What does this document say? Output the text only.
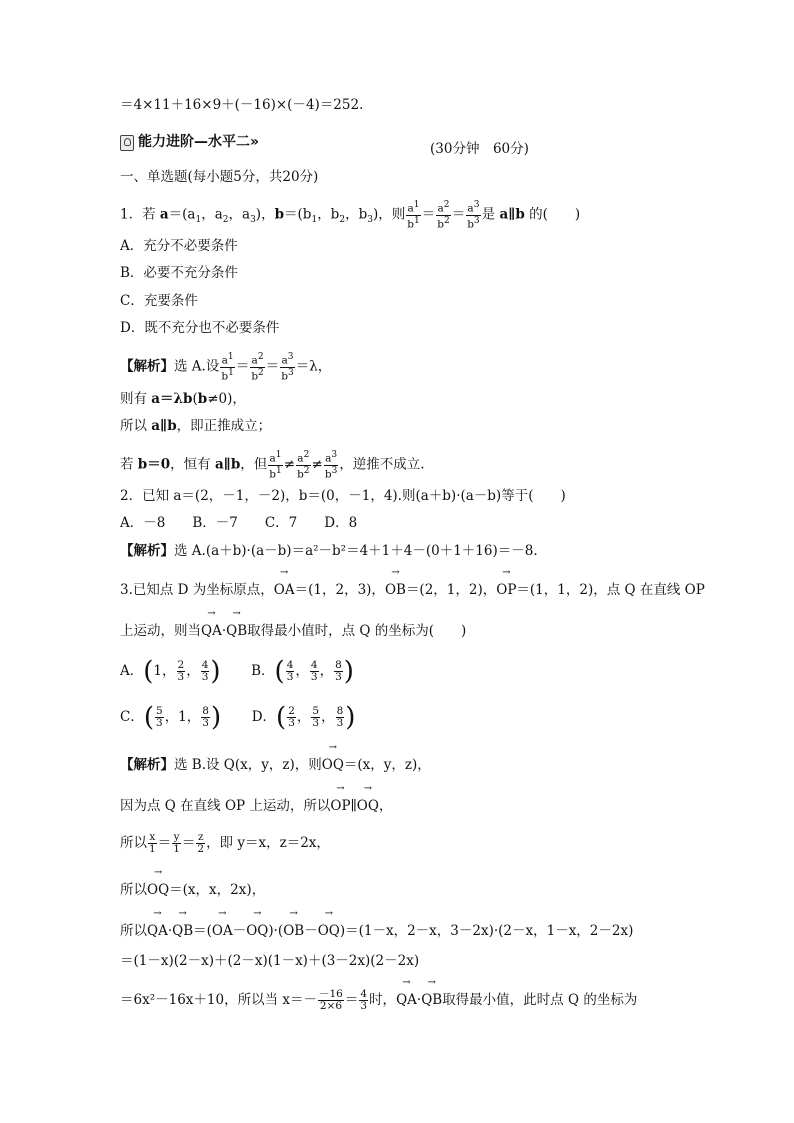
＝4×11＋16×9＋(－16)×(－4)＝252.
能力进阶—水平二»	(30分钟　60分)
一、单选题(每小题5分，共20分)
1．若 $a=(a_1$，$a_2$，$a_3$)，$b=(b_1$，$b_2$，$b_3$)，则 $\frac{a1}{b1} = \frac{a2}{b2} = \frac{a3}{b3}$ 是 a∥b 的(　　)
A．充分不必要条件
B．必要不充分条件
C．充要条件
D．既不充分也不必要条件
【解析】选 A.设 $\frac{a1}{b1} = \frac{a2}{b2} = \frac{a3}{b3} =\lambda$，
则有 a＝λb(b≠0)，
所以 a∥b，即正推成立；
若 b＝0，恒有 a∥b，但 $\frac{a1}{b1} \ne \frac{a2}{b2} \ne \frac{a3}{b3}$ ，逆推不成立.
2．已知 a＝(2，－1，－2)，b＝(0，－1，4).则(a＋b)·(a－b)等于(　　)
A．－8　　B．－7　　C．7　　D．8
【解析】选 A.(a＋b)·(a－b)＝a²－b²＝4＋1＋4－(0＋1＋16)＝－8.
3.已知点 D 为坐标原点，→ OA＝(1，2，3)，→ OB＝(2，1，2)，→ OP＝(1，1，2)，点 Q 在直线 OP
上运动，则当→ QA·→ QB取得最小值时，点 Q 的坐标为(　　)
A．(1， $\frac{2}{3}$ ， $\frac{4}{3}$ ) B．( $\frac{4}{3}$ ， $\frac{4}{3}$ ， $\frac{8}{3}$ )
C．( $\frac{5}{3}$ ，1， $\frac{8}{3}$ ) D．( $\frac{2}{3}$ ， $\frac{5}{3}$ ， $\frac{8}{3}$ )
【解析】选 B.设 Q(x，y，z)，则→ OQ＝(x，y，z)，
因为点 Q 在直线 OP 上运动，所以→ OP∥→ OQ，
所以 $\frac{x}{1} = \frac{y}{1} = \frac{z}{2}$ ，即 y＝x，z＝2x，
所以→ OQ＝(x，x，2x)，
所以→ QA·→ QB＝(→ OA－→ OQ)·(→ OB－→ OQ)＝(1－x，2－x，3－2x)·(2－x，1－x，2－2x)
＝(1－x)(2－x)＋(2－x)(1－x)＋(3－2x)(2－2x)
＝6x²－16x＋10，所以当 $x=- \frac{-16}{2\times 6} = \frac{4}{3}$ 时，→ QA·→ QB取得最小值，此时点 Q 的坐标为
